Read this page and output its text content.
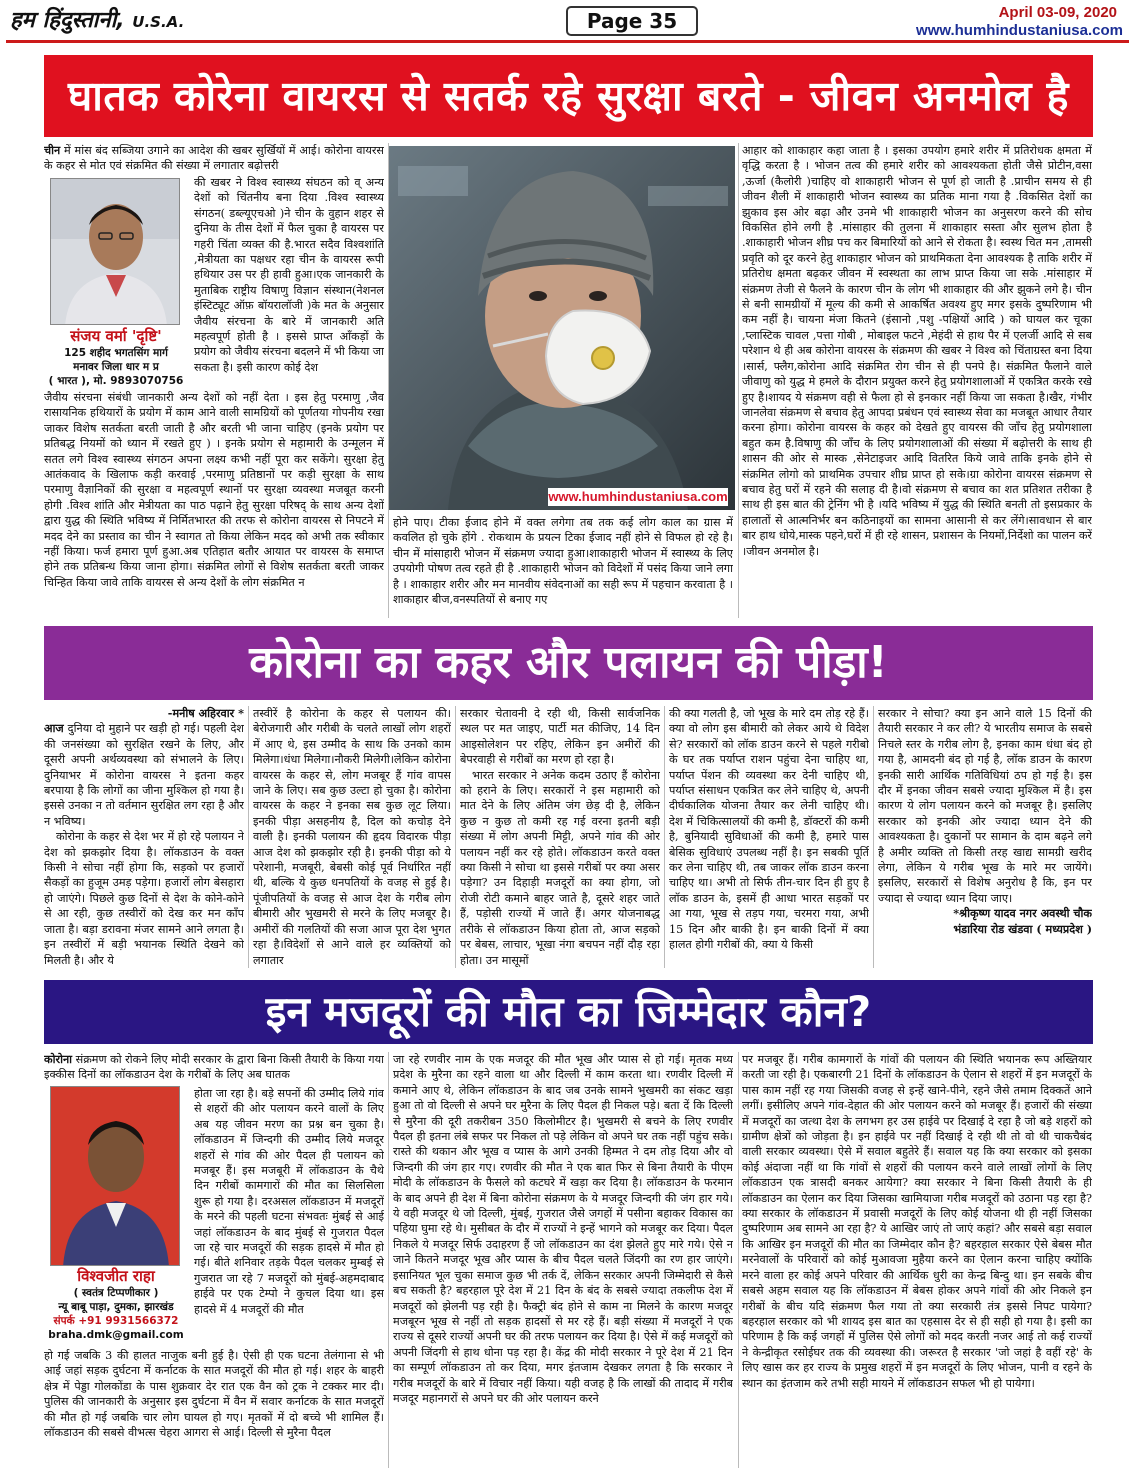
हम हिंदुस्तानी, U.S.A.	Page 35	April 03-09, 2020
www.humhindustaniusa.com
घातक कोरेना वायरस से सतर्क रहे सुरक्षा बरते - जीवन अनमोल है

चीन में मांस बंद सब्जिया उगाने का आदेश की खबर सुर्खियों में आई। कोरोना वायरस के कहर से मोत एवं संक्रमित की संख्या में लगातार बढ़ोत्तरी

संजय वर्मा 'दृष्टि'
125 शहीद भगतसिंग मार्ग
मनावर जिला धार म प्र
( भारत ), मो. 9893070756

की खबर ने विश्व स्वास्थ्य संघठन को व् अन्य देशों को चिंतनीय बना दिया .विश्व स्वास्थ्य संगठन( डब्ल्यूएचओ )ने चीन के वुहान शहर से दुनिया के तीस देशों में फैल चुका है वायरस पर गहरी चिंता व्यक्त की है.भारत सदैव विश्वशांति ,मेत्रीयता का पक्षधर रहा चीन के वायरस रूपी हथियार उस पर ही हावी हुआ।एक जानकारी के मुताबिक राष्ट्रीय विषाणु विज्ञान संस्थान(नेशनल इंस्टिट्यूट ऑफ़ बॉयरालॉजी )के मत के अनुसार जैवीय संरचना के बारे में जानकारी अति महत्वपूर्ण होती है । इससे प्राप्त आँकड़ों के प्रयोग को जैवीय संरचना बदलने में भी किया जा सकता है। इसी कारण कोई देश

जैवीय संरचना संबंधी जानकारी अन्य देशों को नहीं देता । इस हेतु परमाणु ,जैव रासायनिक हथियारों के प्रयोग में काम आने वाली सामग्रियों को पूर्णतया गोपनीय रखा जाकर विशेष सतर्कता बरती जाती है और बरती भी जाना चाहिए (इनके प्रयोग पर प्रतिबद्ध नियमों को ध्यान में रखते हुए ) । इनके प्रयोग से महामारी के उन्मूलन में सतत लगे विश्व स्वास्थ्य संगठन अपना लक्ष्य कभी नहीं पूरा कर सकेंगे। सुरक्षा हेतु आतंकवाद के खिलाफ कड़ी करवाई ,परमाणु प्रतिष्ठानों पर कड़ी सुरक्षा के साथ परमाणु वैज्ञानिकों की सुरक्षा व महत्वपूर्ण स्थानों पर सुरक्षा व्यवस्था मजबूत करनी होगी .विश्व शांति और मेत्रीयता का पाठ पढ़ाने हेतु सुरक्षा परिषद् के साथ अन्य देशों द्वारा युद्ध की स्थिति भविष्य में निर्मितभारत की तरफ से कोरोना वायरस से निपटने में मदद देने का प्रस्ताव का चीन ने स्वागत तो किया लेकिन मदद को अभी तक स्वीकार नहीं किया। फर्ज हमारा पूर्ण हुआ.अब एतिहात बतौर आयात पर वायरस के समाप्त होने तक प्रतिबन्ध किया जाना होगा। संक्रमित लोगों से विशेष सतर्कता बरती जाकर चिन्हित किया जावे ताकि वायरस से अन्य देशों के लोग संक्रमित न

www.humhindustaniusa.com

होने पाए। टीका ईजाद होने में वक्त लगेगा तब तक कई लोग काल का ग्रास में कवलित हो चुके होंगे . रोकथाम के प्रयत्न टिका ईजाद नहीं होने से विफल हो रहे है।चीन में मांसाहारी भोजन में संक्रमण ज्यादा हुआ।शाकाहारी भोजन में स्वास्थ्य के लिए उपयोगी पोषण तत्व रहते ही है .शाकाहारी भोजन को विदेशों में पसंद किया जाने लगा है । शाकाहार शरीर और मन मानवीय संवेदनाओं का सही रूप में पहचान करवाता है । शाकाहार बीज,वनस्पतियों से बनाए गए

आहार को शाकाहार कहा जाता है । इसका उपयोग हमारे शरीर में प्रतिरोधक क्षमता में वृद्धि करता है । भोजन तत्व की हमारे शरीर को आवश्यकता होती जैसे प्रोटीन,वसा ,ऊर्जा (कैलोरी )चाहिए वो शाकाहारी भोजन से पूर्ण हो जाती है .प्राचीन समय से ही जीवन शैली में शाकाहारी भोजन स्वास्थ्य का प्रतिक माना गया है .विकसित देशों का झुकाव इस ओर बढ़ा और उनमे भी शाकाहारी भोजन का अनुसरण करने की सोच विकसित होने लगी है .मांसाहार की तुलना में शाकाहार सस्ता और सुलभ होता है .शाकाहारी भोजन शीघ्र पच कर बिमारियों को आने से रोकता है। स्वस्थ चित मन ,तामसी प्रवृति को दूर करने हेतु शाकाहार भोजन को प्राथमिकता देना आवश्यक है ताकि शरीर में प्रतिरोध क्षमता बढ़कर जीवन में स्वस्थता का लाभ प्राप्त किया जा सके .मांसाहार में संक्रमण तेजी से फैलने के कारण चीन के लोग भी शाकाहार की और झुकने लगे है। चीन से बनी सामग्रीयों में मूल्य की कमी से आकर्षित अवश्य हुए मगर इसके दुष्परिणाम भी कम नहीं है। चायना मंजा कितने (इंसानो ,पशु -पक्षियों आदि ) को घायल कर चूका ,प्लास्टिक चावल ,पत्ता गोबी , मोबाइल फटने ,मेहंदी से हाथ पैर में एलर्जी आदि से सब परेशान थे ही अब कोरोना वायरस के संक्रमण की खबर ने विश्व को चिंताग्रस्त बना दिया ।सार्स, फ्लैग,कोरोना आदि संक्रमित रोग चीन से ही पनपे है। संक्रमित फैलाने वाले जीवाणु को युद्ध मे हमले के दौरान प्रयुक्त करने हेतु प्रयोगशालाओं में एकत्रित करके रखे हुए है।शायद ये संक्रमण वही से फैला हो से इनकार नहीं किया जा सकता है।खैर, गंभीर जानलेवा संक्रमण से बचाव हेतु आपदा प्रबंधन एवं स्वास्थ्य सेवा का मजबूत आधार तैयार करना होगा। कोरोना वायरस के कहर को देखते हुए वायरस की जाँच हेतु प्रयोगशाला बहुत कम है.विषाणु की जाँच के लिए प्रयोगशालाओं की संख्या में बढ़ोत्तरी के साथ ही शासन की ओर से मास्क ,सेनेटाइजर आदि वितरित किये जावे ताकि इनके होने से संक्रमित लोगो को प्राथमिक उपचार शीघ्र प्राप्त हो सके।ग्रा कोरोना वायरस संक्रमण से बचाव हेतु घरों में रहने की सलाह दी है।वो संक्रमण से बचाव का शत प्रतिशत तरीका है साथ ही इस बात की ट्रेनिंग भी है ।यदि भविष्य में युद्ध की स्थिति बनती तो इसप्रकार के हालातों से आत्मनिर्भर बन कठिनाइयों का सामना आसानी से कर लेंगे।सावधान से बार बार हाथ धोये,मास्क पहने,घरों में ही रहे शासन, प्रशासन के नियमों,निर्देशो का पालन करें ।जीवन अनमोल है।

कोरोना का कहर और पलायन की पीड़ा!
-मनीष अहिरवार *

आज दुनिया दो मुहाने पर खड़ी हो गई। पहली देश की जनसंख्या को सुरक्षित रखने के लिए, और दूसरी अपनी अर्थव्यवस्था को संभालने के लिए। दुनियाभर में कोरोना वायरस ने इतना कहर बरपाया है कि लोगों का जीना मुश्किल हो गया है। इससे उनका न तो वर्तमान सुरक्षित लग रहा है और न भविष्य।

कोरोना के कहर से देश भर में हो रहे पलायन ने देश को झकझोर दिया है। लॉकडाउन के वक्त किसी ने सोचा नहीं होगा कि, सड़को पर हजारों सैकड़ों का हुजूम उमड़ पड़ेगा। हजारों लोग बेसहारा हो जाएंगे। पिछले कुछ दिनों से देश के कोने-कोने से आ रही, कुछ तस्वीरों को देख कर मन काँप जाता है। बड़ा डरावना मंजर सामने आने लगता है। इन तस्वीरों में बड़ी भयानक स्थिति देखने को मिलती है। और ये

तस्वीरें है कोरोना के कहर से पलायन की। बेरोजगारी और गरीबी के चलते लाखों लोग शहरों में आए थे, इस उम्मीद के साथ कि उनको काम मिलेगा।धंधा मिलेगा।नौकरी मिलेगी।लेकिन कोरोना वायरस के कहर से, लोग मजबूर हैं गांव वापस जाने के लिए। सब कुछ उल्टा हो चुका है। कोरोना वायरस के कहर ने इनका सब कुछ लूट लिया। इनकी पीड़ा असहनीय है, दिल को कचोड़ देने वाली है। इनकी पलायन की हृदय विदारक पीड़ा आज देश को झकझोर रही है। इनकी पीड़ा को ये परेशानी, मजबूरी, बेबसी कोई पूर्व निर्धारित नहीं थी, बल्कि ये कुछ धनपतियों के वजह से हुई है। पूंजीपतियों के वजह से आज देश के गरीब लोग बीमारी और भुखमरी से मरने के लिए मजबूर है। अमीरों की गलतियों की सजा आज पूरा देश भुगत रहा है।विदेशों से आने वाले हर व्यक्तियों को लगातार

सरकार चेतावनी दे रही थी, किसी सार्वजनिक स्थल पर मत जाइए, पार्टी मत कीजिए, 14 दिन आइसोलेशन पर रहिए, लेकिन इन अमीरों की बेपरवाही से गरीबों का मरण हो रहा है।

भारत सरकार ने अनेक कदम उठाए हैं कोरोना को हराने के लिए। सरकारों ने इस महामारी को मात देने के लिए अंतिम जंग छेड़ दी है, लेकिन कुछ न कुछ तो कमी रह गई वरना इतनी बड़ी संख्या में लोग अपनी मिट्टी, अपने गांव की ओर पलायन नहीं कर रहे होते। लॉकडाउन करते वक्त क्या किसी ने सोचा था इससे गरीबों पर क्या असर पड़ेगा? उन दिहाड़ी मजदूरों का क्या होगा, जो रोजी रोटी कमाने बाहर जाते है, दूसरे शहर जाते हैं, पड़ोसी राज्यों में जाते हैं। अगर योजनाबद्ध तरीके से लॉकडाउन किया होता तो, आज सड़को पर बेबस, लाचार, भूखा नंगा बचपन नहीं दौड़ रहा होता। उन मासूमों

की क्या गलती है, जो भूख के मारे दम तोड़ रहे हैं। क्या वो लोग इस बीमारी को लेकर आये थे विदेश से? सरकारों को लॉक डाउन करने से पहले गरीबो के घर तक पर्याप्त राशन पहुंचा देना चाहिए था, पर्याप्त पेंशन की व्यवस्था कर देनी चाहिए थी, पर्याप्त संसाधन एकत्रित कर लेने चाहिए थे, अपनी दीर्घकालिक योजना तैयार कर लेनी चाहिए थी। देश में चिकित्सालयों की कमी है, डॉक्टरों की कमी है, बुनियादी सुविधाओं की कमी है, हमारे पास बेसिक सुविधाएं उपलब्ध नहीं है। इन सबकी पूर्ति कर लेना चाहिए थी, तब जाकर लॉक डाउन करना चाहिए था। अभी तो सिर्फ तीन-चार दिन ही हुए है लॉक डाउन के, इसमें ही आधा भारत सड़कों पर आ गया, भूख से तड़प गया, चरमरा गया, अभी 15 दिन और बाकी है। इन बाकी दिनों में क्या हालत होगी गरीबों की, क्या ये किसी

सरकार ने सोचा? क्या इन आने वाले 15 दिनों की तैयारी सरकार ने कर ली? ये भारतीय समाज के सबसे निचले स्तर के गरीब लोग है, इनका काम धंधा बंद हो गया है, आमदनी बंद हो गई है, लॉक डाउन के कारण इनकी सारी आर्थिक गतिविधियां ठप हो गई है। इस दौर में इनका जीवन सबसे ज्यादा मुश्किल में है। इस कारण ये लोग पलायन करने को मजबूर है। इसलिए सरकार को इनकी ओर ज्यादा ध्यान देने की आवश्यकता है। दुकानों पर सामान के दाम बढ़ने लगे है अमीर व्यक्ति तो किसी तरह खाद्य सामग्री खरीद लेगा, लेकिन ये गरीब भूख के मारे मर जायेंगे। इसलिए, सरकारों से विशेष अनुरोध है कि, इन पर ज्यादा से ज्यादा ध्यान दिया जाए।

*श्रीकृष्ण यादव नगर अवस्थी चौक
भंडारिया रोड खंडवा ( मध्यप्रदेश )
इन मजदूरों की मौत का जिम्मेदार कौन?

कोरोना संक्रमण को रोकने लिए मोदी सरकार के द्वारा बिना किसी तैयारी के किया गया इक्कीस दिनों का लॉकडाउन देश के गरीबों के लिए अब घातक

विश्वजीत राहा
( स्वतंत्र टिप्पणीकार )
न्यू बाबू पाड़ा, दुमका, झारखंड
संपर्क +91 9931566372
braha.dmk@gmail.com

होता जा रहा है। बड़े सपनों की उम्मीद लिये गांव से शहरों की ओर पलायन करने वालों के लिए अब यह जीवन मरण का प्रश्न बन चुका है। लॉकडाउन में जिन्दगी की उम्मीद लिये मजदूर शहरों से गांव की ओर पैदल ही पलायन को मजबूर हैं। इस मजबूरी में लॉकडाउन के चैथे दिन गरीबों कामगारों की मौत का सिलसिला शुरू हो गया है। दरअसल लॉकडाउन में मजदूरों के मरने की पहली घटना संभवतः मुंबई से आई जहां लॉकडाउन के बाद मुंबई से गुजरात पैदल जा रहे चार मजदूरों की सड़क हादसे में मौत हो गई। बीते शनिवार तड़के पैदल चलकर मुम्बई से गुजरात जा रहे 7 मजदूरों को मुंबई-अहमदाबाद हाईवे पर एक टेम्पो ने कुचल दिया था। इस हादसे में 4 मजदूरों की मौत

हो गई जबकि 3 की हालत नाजुक बनी हुई है। ऐसी ही एक घटना तेलंगाना से भी आई जहां सड़क दुर्घटना में कर्नाटक के सात मजदूरों की मौत हो गई। शहर के बाहरी क्षेत्र में पेड्डा गोलकोंडा के पास शुक्रवार देर रात एक वैन को ट्रक ने टक्कर मार दी। पुलिस की जानकारी के अनुसार इस दुर्घटना में वैन में सवार कर्नाटक के सात मजदूरों की मौत हो गई जबकि चार लोग घायल हो गए। मृतकों में दो बच्चे भी शामिल हैं। लॉकडाउन की सबसे वीभत्स चेहरा आगरा से आई। दिल्ली से मुरैना पैदल

जा रहे रणवीर नाम के एक मजदूर की मौत भूख और प्यास से हो गई। मृतक मध्य प्रदेश के मुरैना का रहने वाला था और दिल्ली में काम करता था। रणवीर दिल्ली में कमाने आए थे, लेकिन लॉकडाउन के बाद जब उनके सामने भुखमरी का संकट खड़ा हुआ तो वो दिल्ली से अपने घर मुरैना के लिए पैदल ही निकल पड़े। बता दें कि दिल्ली से मुरैना की दूरी तकरीबन 350 किलोमीटर है। भुखमरी से बचने के लिए रणवीर पैदल ही इतना लंबे सफर पर निकल तो पड़े लेकिन वो अपने घर तक नहीं पहुंच सके। रास्ते की थकान और भूख व प्यास के आगे उनकी हिम्मत ने दम तोड़ दिया और वो जिन्दगी की जंग हार गए। रणवीर की मौत ने एक बात फिर से बिना तैयारी के पीएम मोदी के लॉकडाउन के फैसले को कटघरे में खड़ा कर दिया है। लॉकडाउन के फरमान के बाद अपने ही देश में बिना कोरोना संक्रमण के ये मजदूर जिन्दगी की जंग हार गये। ये वही मजदूर थे जो दिल्ली, मुंबई, गुजरात जैसे जगहों में पसीना बहाकर विकास का पहिया घुमा रहे थे। मुसीबत के दौर में राज्यों ने इन्हें भागने को मजबूर कर दिया। पैदल निकले ये मजदूर सिर्फ उदाहरण हैं जो लॉकडाउन का दंश झेलते हुए मारे गये। ऐसे न जाने कितने मजदूर भूख और प्यास के बीच पैदल चलते जिंदगी का रण हार जाएंगे। इसानियत भूल चुका समाज कुछ भी तर्क दें, लेकिन सरकार अपनी जिम्मेदारी से कैसे बच सकती है? बहरहाल पूरे देश में 21 दिन के बंद के सबसे ज्यादा तकलीफ देश में मजदूरों को झेलनी पड़ रही है। फैक्ट्री बंद होने से काम ना मिलने के कारण मजदूर मजबूरन भूख से नहीं तो सड़क हादसों से मर रहे हैं। बड़ी संख्या में मजदूरों ने एक राज्य से दूसरे राज्यों अपनी घर की तरफ पलायन कर दिया है। ऐसे में कई मजदूरों को अपनी जिंदगी से हाथ धोना पड़ रहा है। केंद्र की मोदी सरकार ने पूरे देश में 21 दिन का सम्पूर्ण लॉकडाउन तो कर दिया, मगर इंतजाम देखकर लगता है कि सरकार ने गरीब मजदूरों के बारे में विचार नहीं किया। यही वजह है कि लाखों की तादाद में गरीब मजदूर महानगरों से अपने घर की ओर पलायन करने

पर मजबूर हैं। गरीब कामगारों के गांवों की पलायन की स्थिति भयानक रूप अख्तियार करती जा रही है। एकबारगी 21 दिनों के लॉकडाउन के ऐलान से शहरों में इन मजदूरों के पास काम नहीं रह गया जिसकी वजह से इन्हें खाने-पीने, रहने जैसे तमाम दिक्कतें आने लगीं। इसीलिए अपने गांव-देहात की ओर पलायन करने को मजबूर हैं। हजारों की संख्या में मजदूरों का जत्था देश के लगभग हर उस हाईवे पर दिखाई दे रहा है जो बड़े शहरों को ग्रामीण क्षेत्रों को जोड़ता है। इन हाईवे पर नहीं दिखाई दे रही थी तो वो थी चाकचैबंद वाली सरकार व्यवस्था। ऐसे में सवाल बहुतेरे हैं। सवाल यह कि क्या सरकार को इसका कोई अंदाजा नहीं था कि गांवों से शहरों की पलायन करने वाले लाखों लोगों के लिए लॉकडाउन एक त्रासदी बनकर आयेगा? क्या सरकार ने बिना किसी तैयारी के ही लॉकडाउन का ऐलान कर दिया जिसका खामियाजा गरीब मजदूरों को उठाना पड़ रहा है? क्या सरकार के लॉकडाउन में प्रवासी मजदूरों के लिए कोई योजना थी ही नहीं जिसका दुष्परिणाम अब सामने आ रहा है? ये आखिर जाएं तो जाएं कहां? और सबसे बड़ा सवाल कि आखिर इन मजदूरों की मौत का जिम्मेदार कौन है? बहरहाल सरकार ऐसे बेबस मौत मरनेवालों के परिवारों को कोई मुआवजा मुहैया करने का ऐलान करना चाहिए क्योंकि मरने वाला हर कोई अपने परिवार की आर्थिक धुरी का केन्द्र बिन्दु था। इन सबके बीच सबसे अहम सवाल यह कि लॉकडाउन में बेबस होकर अपने गांवों की ओर निकले इन गरीबों के बीच यदि संक्रमण फैल गया तो क्या सरकारी तंत्र इससे निपट पायेगा? बहरहाल सरकार को भी शायद इस बात का एहसास देर से ही सही हो गया है। इसी का परिणाम है कि कई जगहों में पुलिस ऐसे लोगों को मदद करती नजर आई तो कई राज्यों ने केन्द्रीकृत रसोईघर तक की व्यवस्था की। जरूरत है सरकार 'जो जहां है वहीं रहे' के लिए खास कर हर राज्य के प्रमुख शहरों में इन मजदूरों के लिए भोजन, पानी व रहने के स्थान का इंतजाम करे तभी सही मायने में लॉकडाउन सफल भी हो पायेगा।
